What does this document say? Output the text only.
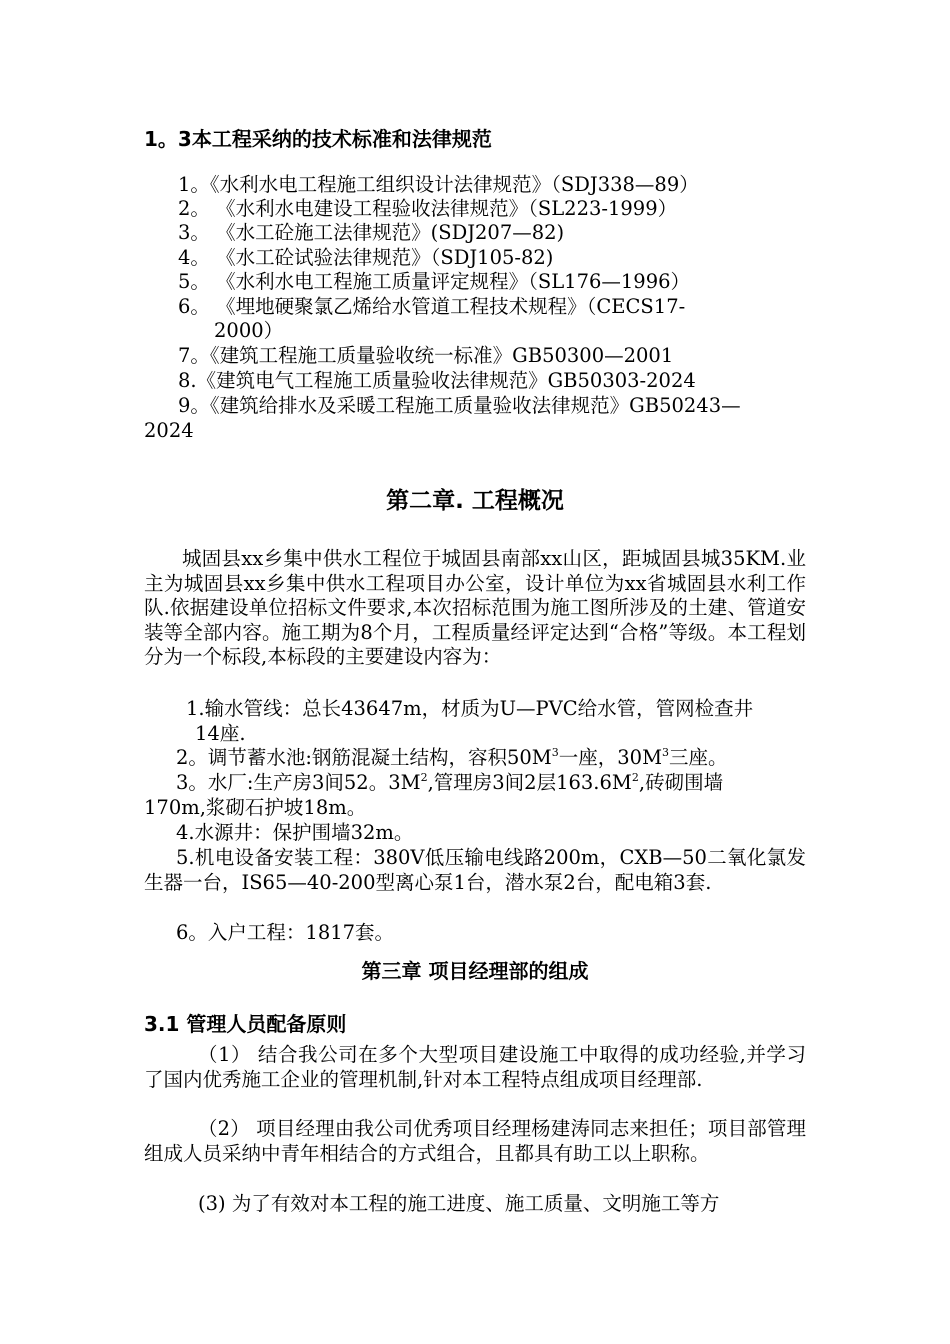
1。3本工程采纳的技术标准和法律规范
1。《水利水电工程施工组织设计法律规范》（SDJ338—89）
2。 《水利水电建设工程验收法律规范》（SL223-1999）
3。 《水工砼施工法律规范》(SDJ207—82)
4。 《水工砼试验法律规范》（SDJ105-82)
5。 《水利水电工程施工质量评定规程》（SL176—1996）
6。 《埋地硬聚氯乙烯给水管道工程技术规程》（CECS17-
2000）
7。《建筑工程施工质量验收统一标准》GB50300—2001
8.《建筑电气工程施工质量验收法律规范》GB50303-2024
9。《建筑给排水及采暖工程施工质量验收法律规范》GB50243—
2024
第二章. 工程概况
城固县xx乡集中供水工程位于城固县南部xx山区，距城固县城35KM.业主为城固县xx乡集中供水工程项目办公室，设计单位为xx省城固县水利工作队.依据建设单位招标文件要求,本次招标范围为施工图所涉及的土建、管道安装等全部内容。施工期为8个月，工程质量经评定达到“合格”等级。本工程划分为一个标段,本标段的主要建设内容为：
1.输水管线：总长43647m，材质为U—PVC给水管，管网检查井
14座.
2。调节蓄水池:钢筋混凝土结构，容积$50M^3$一座，$30M^3$三座。
3。水厂:生产房3间52。$3M^2$,管理房3间2层$163.6M^2$,砖砌围墙
170m,浆砌石护坡18m。
4.水源井：保护围墙32m。
5.机电设备安装工程：380V低压输电线路200m，CXB—50二氧化氯发生器一台，IS65—40-200型离心泵1台，潜水泵2台，配电箱3套.
6。入户工程：1817套。
第三章 项目经理部的组成
3.1 管理人员配备原则
（1） 结合我公司在多个大型项目建设施工中取得的成功经验,并学习了国内优秀施工企业的管理机制,针对本工程特点组成项目经理部.
（2） 项目经理由我公司优秀项目经理杨建涛同志来担任；项目部管理组成人员采纳中青年相结合的方式组合，且都具有助工以上职称。
(3) 为了有效对本工程的施工进度、施工质量、文明施工等方
